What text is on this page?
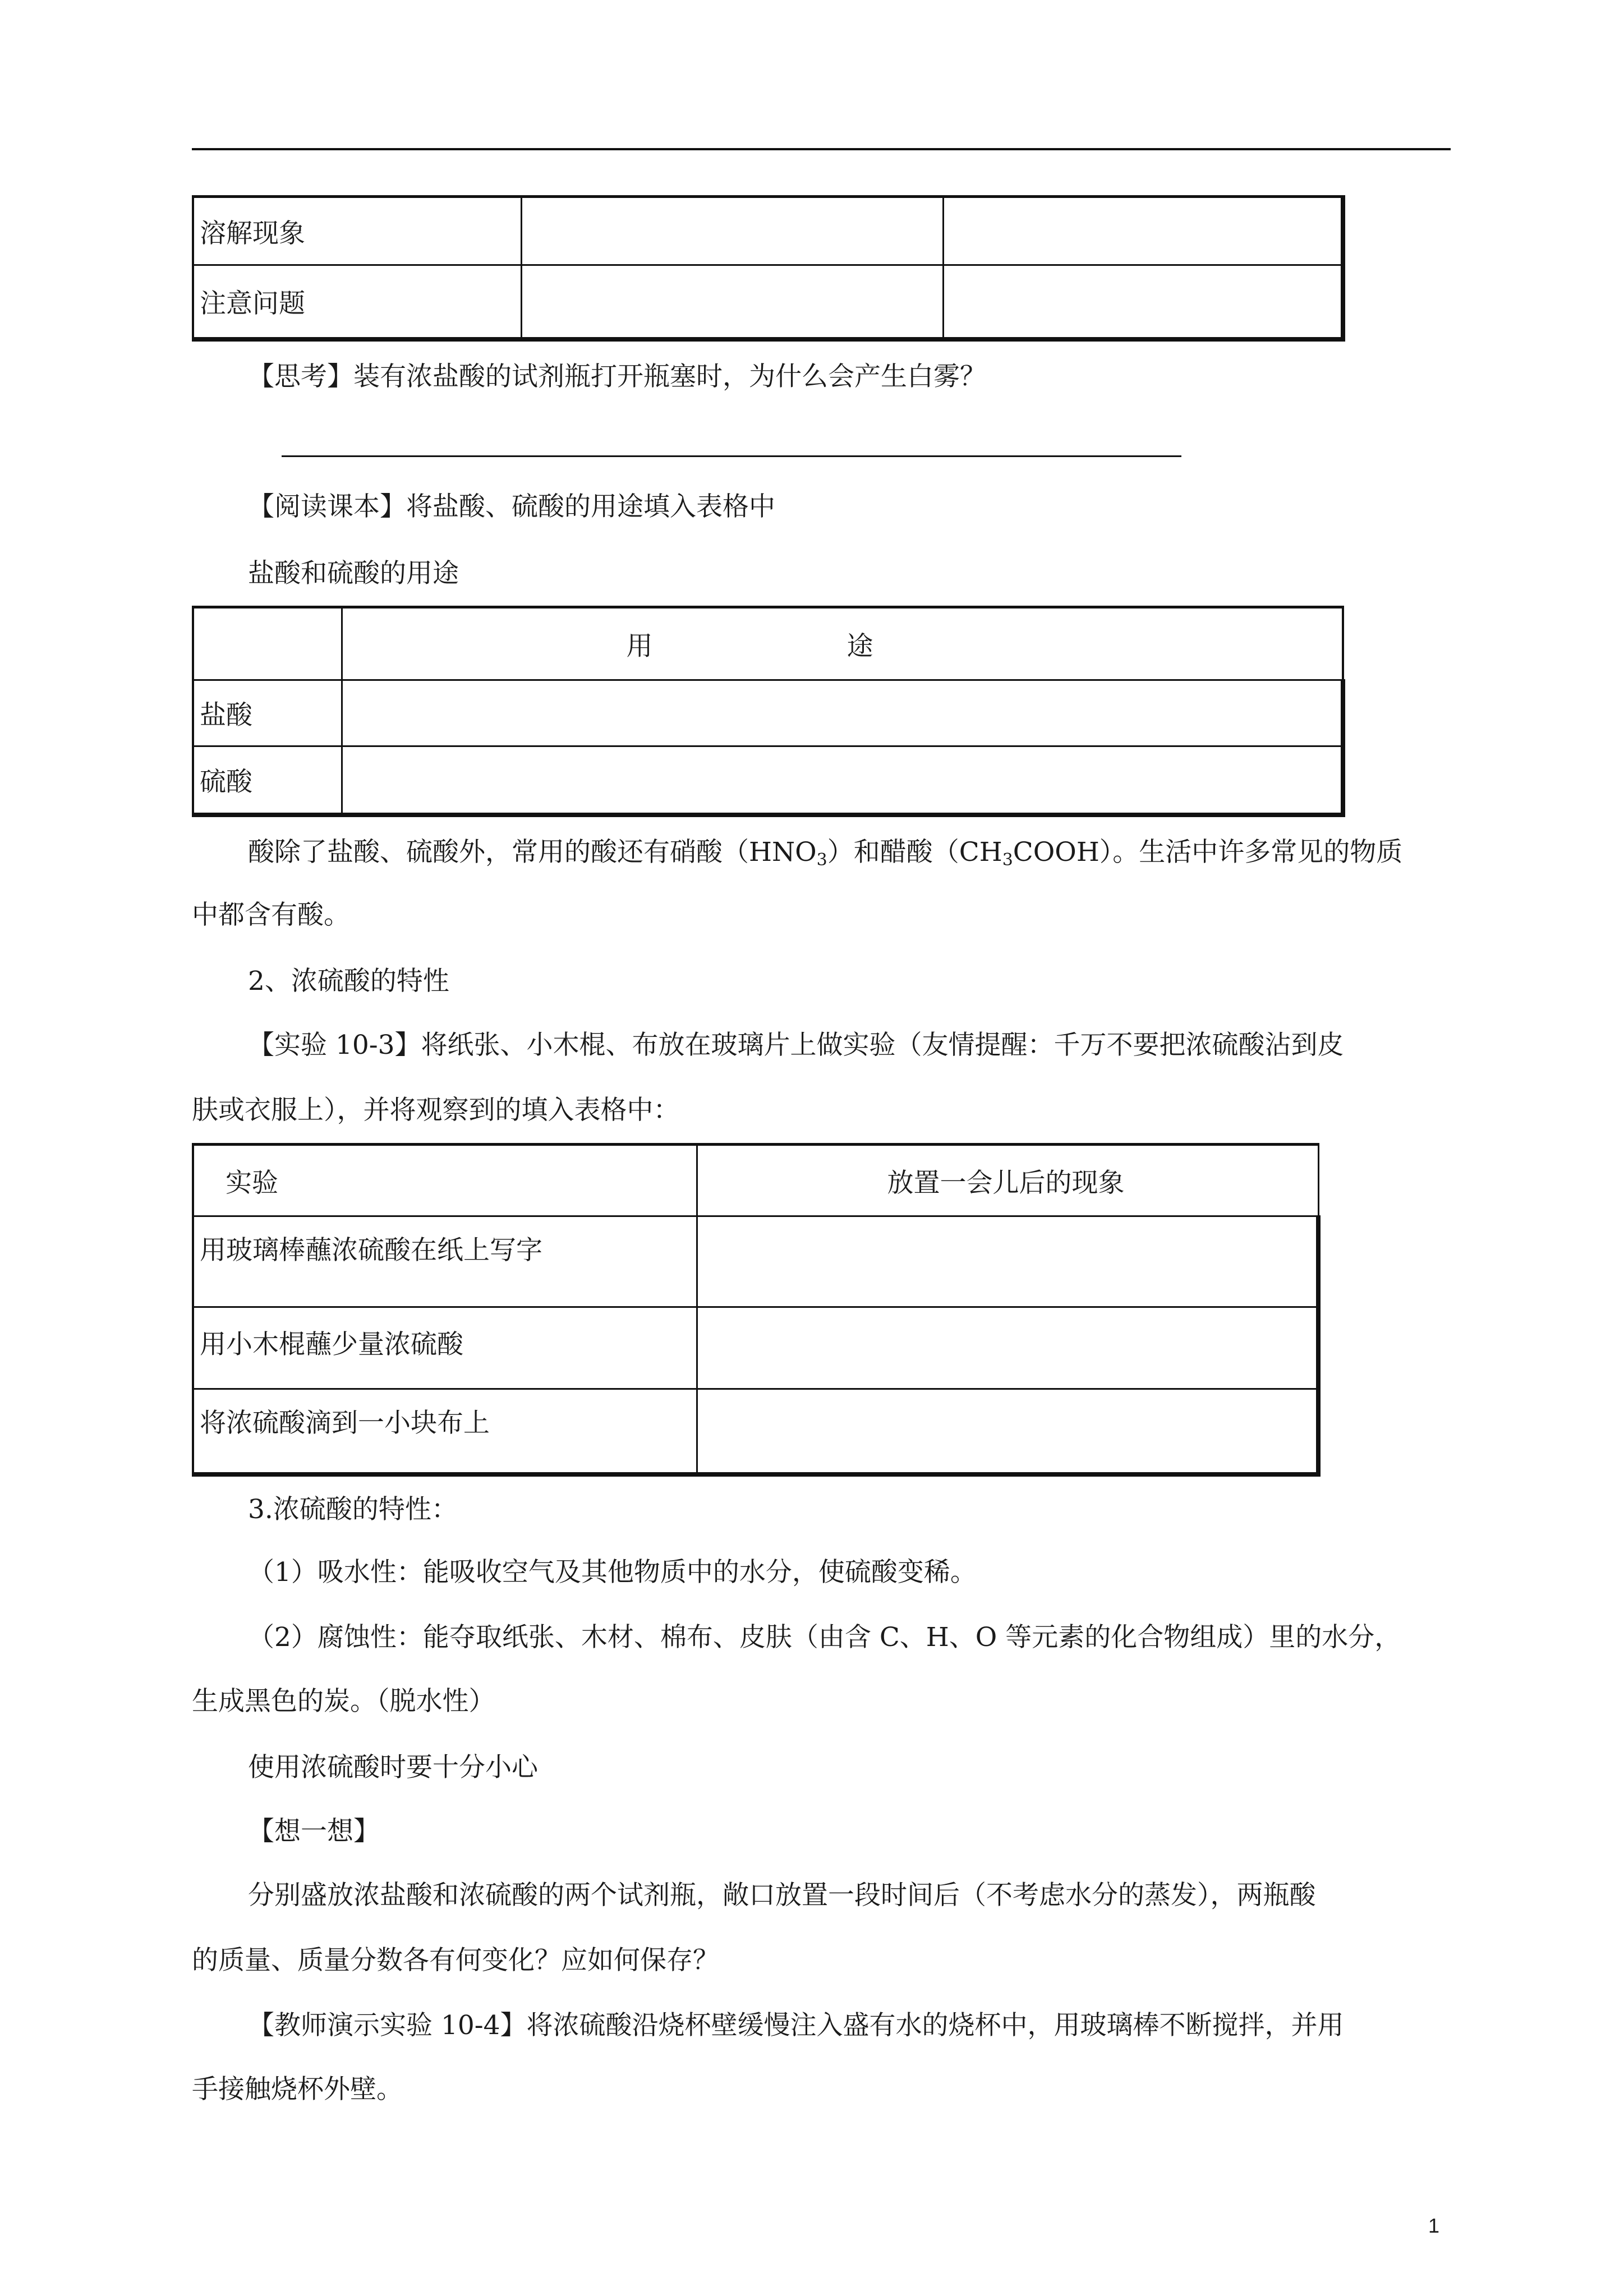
溶解现象		
注意问题		
【思考】装有浓盐酸的试剂瓶打开瓶塞时，为什么会产生白雾？
【阅读课本】将盐酸、硫酸的用途填入表格中
盐酸和硫酸的用途
	用 途
盐酸	
硫酸	
酸除了盐酸、硫酸外，常用的酸还有硝酸$(HNO_3)$和醋酸$(CH_3COOH)$。生活中许多常见的物质
中都含有酸。
2、浓硫酸的特性
【实验 10-3】将纸张、小木棍、布放在玻璃片上做实验（友情提醒：千万不要把浓硫酸沾到皮
肤或衣服上），并将观察到的填入表格中：
实验	放置一会儿后的现象
用玻璃棒蘸浓硫酸在纸上写字	
用小木棍蘸少量浓硫酸	
将浓硫酸滴到一小块布上	
3.浓硫酸的特性：
（1）吸水性：能吸收空气及其他物质中的水分，使硫酸变稀。
（2）腐蚀性：能夺取纸张、木材、棉布、皮肤（由含 C、H、O 等元素的化合物组成）里的水分，
生成黑色的炭。（脱水性）
使用浓硫酸时要十分小心
【想一想】
分别盛放浓盐酸和浓硫酸的两个试剂瓶，敞口放置一段时间后（不考虑水分的蒸发），两瓶酸
的质量、质量分数各有何变化？应如何保存？
【教师演示实验 10-4】将浓硫酸沿烧杯壁缓慢注入盛有水的烧杯中，用玻璃棒不断搅拌，并用
手接触烧杯外壁。
1
